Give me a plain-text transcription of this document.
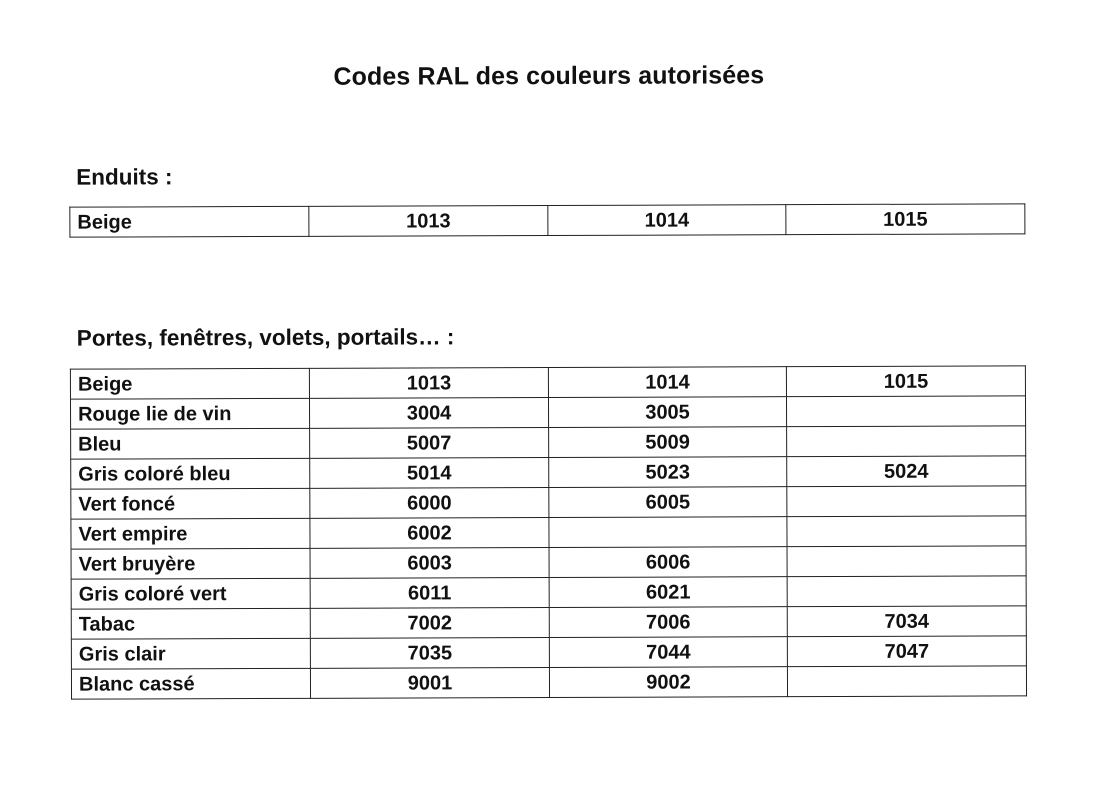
Codes RAL des couleurs autorisées
Enduits :
Beige	1013	1014	1015
Portes, fenêtres, volets, portails… :
Beige	1013	1014	1015
Rouge lie de vin	3004	3005	
Bleu	5007	5009	
Gris coloré bleu	5014	5023	5024
Vert foncé	6000	6005	
Vert empire	6002		
Vert bruyère	6003	6006	
Gris coloré vert	6011	6021	
Tabac	7002	7006	7034
Gris clair	7035	7044	7047
Blanc cassé	9001	9002	
